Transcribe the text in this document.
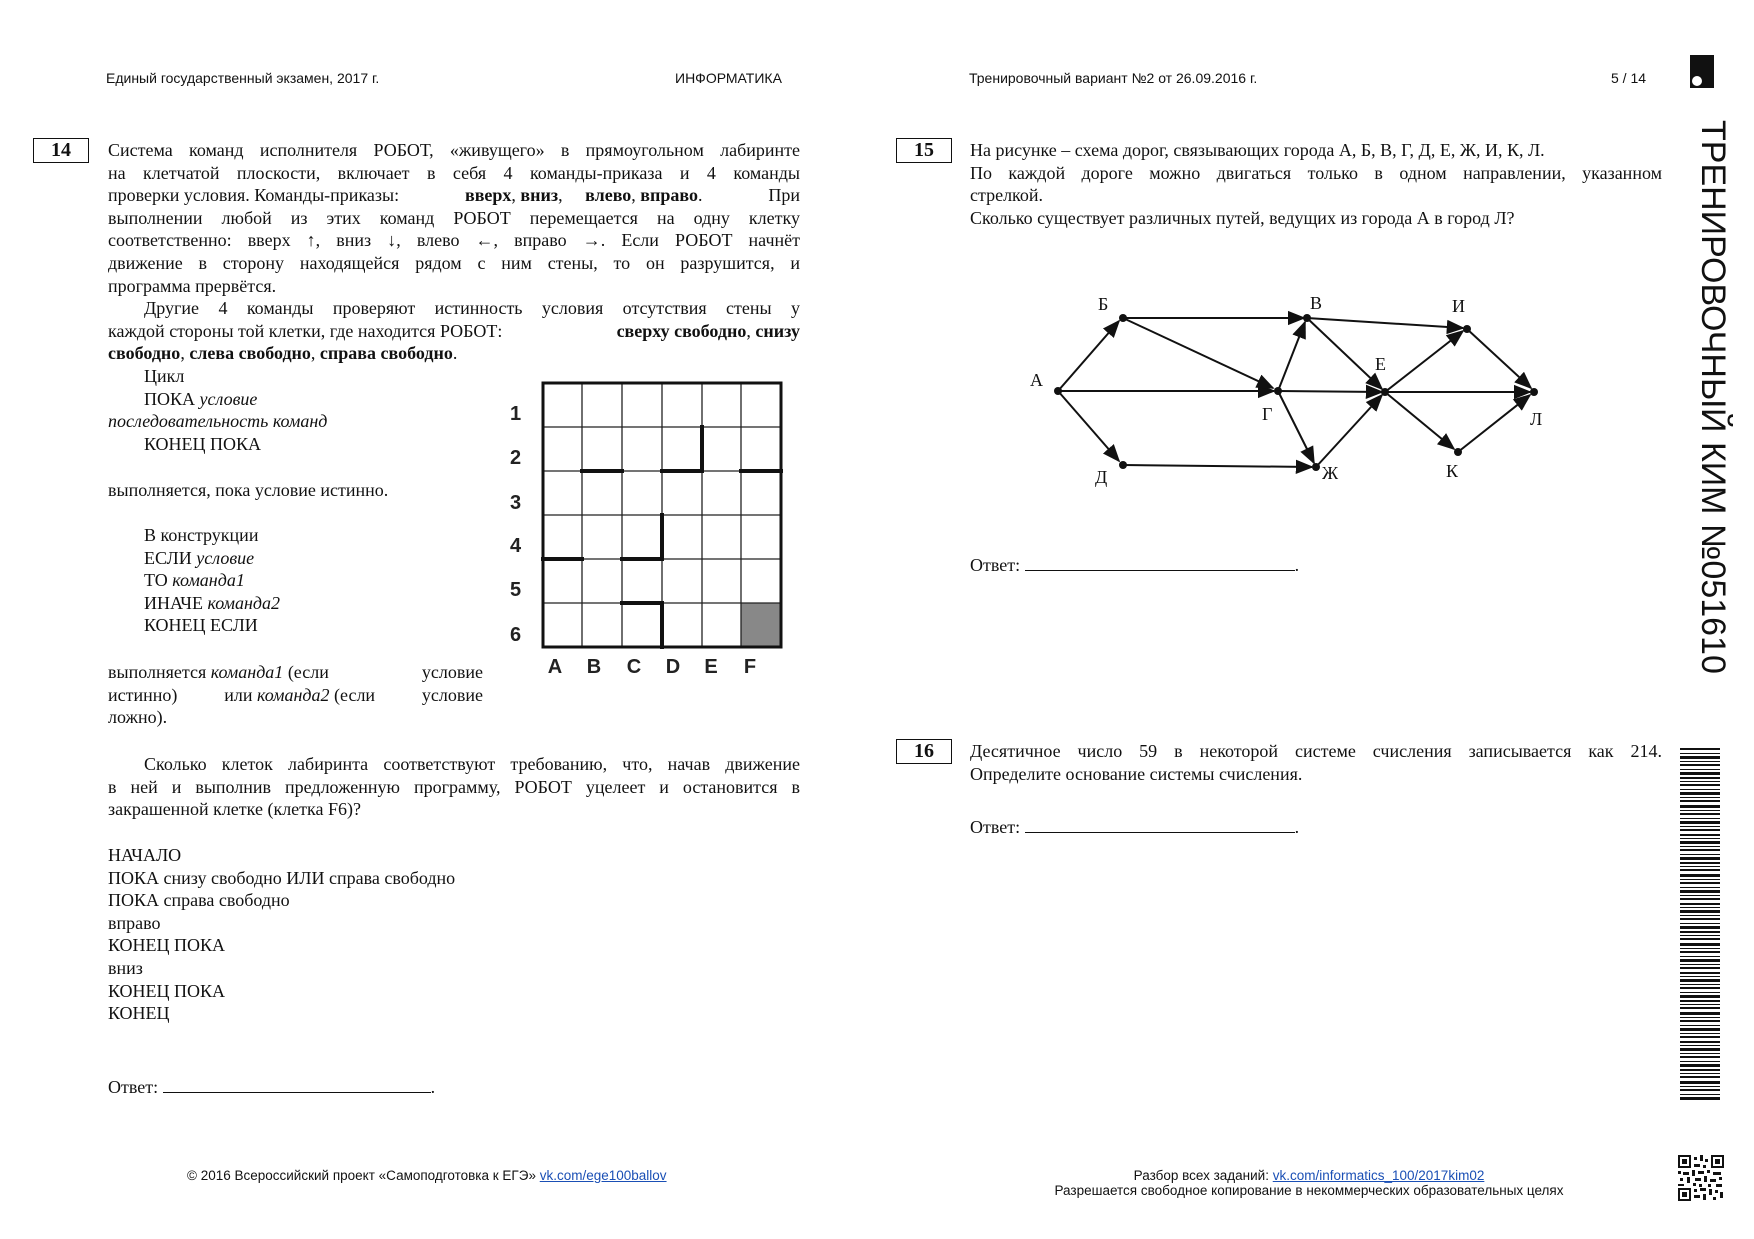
Единый государственный экзамен, 2017 г.	ИНФОРМАТИКА	Тренировочный вариант №2 от 26.09.2016 г.	5 / 14
ТРЕНИРОВОЧНЫЙ КИМ №051610
14	Система команд исполнителя РОБОТ, «живущего» в прямоугольном лабиринте
на клетчатой плоскости, включает в себя 4 команды-приказа и 4 команды
проверки условия. Команды-приказы:	вверх, вниз,     влево, вправо.	При
выполнении любой из этих команд РОБОТ перемещается на одну клетку
соответственно: вверх ↑, вниз ↓, влево ←, вправо →. Если РОБОТ начнёт
движение в сторону находящейся рядом с ним стены, то он разрушится, и
программа прервётся.
Другие 4 команды проверяют истинность условия отсутствия стены у
каждой стороны той клетки, где находится РОБОТ:	сверху свободно, снизу
свободно, слева свободно, справа свободно.
Цикл
ПОКА условие
последовательность команд
КОНЕЦ ПОКА
выполняется, пока условие истинно.
В конструкции
ЕСЛИ условие
ТО команда1
ИНАЧЕ команда2
КОНЕЦ ЕСЛИ
выполняется команда1 (если	условие
истинно)	или команда2 (если	условие
ложно).
1
2
3
4
5
6
A B C D E F
Сколько клеток лабиринта соответствуют требованию, что, начав движение
в ней и выполнив предложенную программу, РОБОТ уцелеет и остановится в
закрашенной клетке (клетка F6)?
НАЧАЛО
ПОКА снизу свободно ИЛИ справа свободно
ПОКА справа свободно
вправо
КОНЕЦ ПОКА
вниз
КОНЕЦ ПОКА
КОНЕЦ
Ответ:	.
15	На рисунке – схема дорог, связывающих города А, Б, В, Г, Д, Е, Ж, И, К, Л.
По каждой дороге можно двигаться только в одном направлении, указанном
стрелкой.
Сколько существует различных путей, ведущих из города А в город Л?
А
Б	В
Г
Д	Ж
Е
И
К
Л
Ответ:	.
16	Десятичное число 59 в некоторой системе счисления записывается как 214.
Определите основание системы счисления.
Ответ:	.
© 2016 Всероссийский проект «Самоподготовка к ЕГЭ» vk.com/ege100ballov	Разбор всех заданий: vk.com/informatics_100/2017kim02
Разрешается свободное копирование в некоммерческих образовательных целях
